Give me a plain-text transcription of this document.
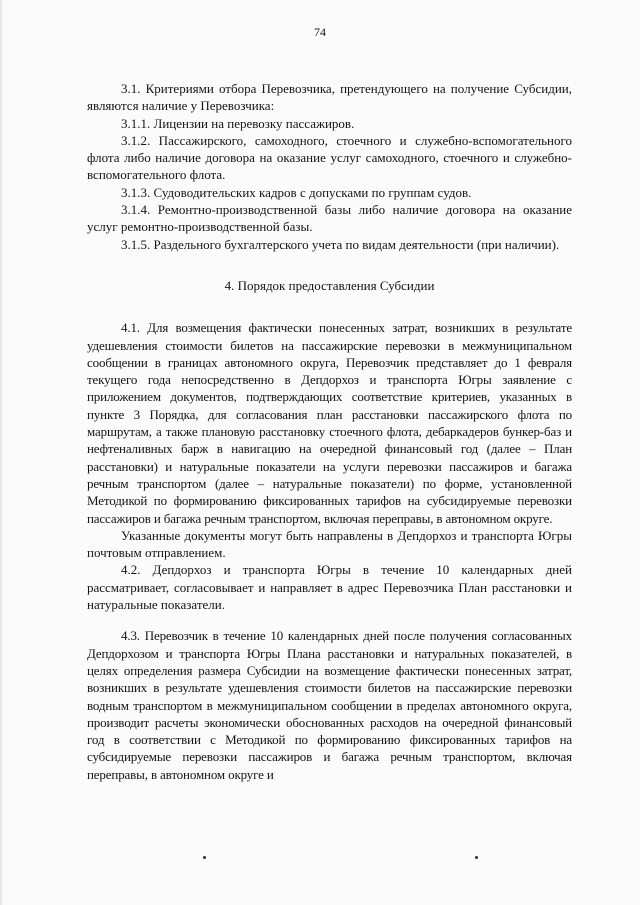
74

3.1. Критериями отбора Перевозчика, претендующего на получение Субсидии, являются наличие у Перевозчика:

3.1.1. Лицензии на перевозку пассажиров.

3.1.2. Пассажирского, самоходного, стоечного и служебно-вспомогательного флота либо наличие договора на оказание услуг самоходного, стоечного и служебно-вспомогательного флота.

3.1.3. Судоводительских кадров с допусками по группам судов.

3.1.4. Ремонтно-производственной базы либо наличие договора на оказание услуг ремонтно-производственной базы.

3.1.5. Раздельного бухгалтерского учета по видам деятельности (при наличии).

4. Порядок предоставления Субсидии

4.1. Для возмещения фактически понесенных затрат, возникших в результате удешевления стоимости билетов на пассажирские перевозки в межмуниципальном сообщении в границах автономного округа, Перевозчик представляет до 1 февраля текущего года непосредственно в Депдорхоз и транспорта Югры заявление с приложением документов, подтверждающих соответствие критериев, указанных в пункте 3 Порядка, для согласования план расстановки пассажирского флота по маршрутам, а также плановую расстановку стоечного флота, дебаркадеров бункер-баз и нефтеналивных барж в навигацию на очередной финансовый год (далее – План расстановки) и натуральные показатели на услуги перевозки пассажиров и багажа речным транспортом (далее – натуральные показатели) по форме, установленной Методикой по формированию фиксированных тарифов на субсидируемые перевозки пассажиров и багажа речным транспортом, включая переправы, в автономном округе.

Указанные документы могут быть направлены в Депдорхоз и транспорта Югры почтовым отправлением.

4.2. Депдорхоз и транспорта Югры в течение 10 календарных дней рассматривает, согласовывает и направляет в адрес Перевозчика План расстановки и натуральные показатели.

4.3. Перевозчик в течение 10 календарных дней после получения согласованных Депдорхозом и транспорта Югры Плана расстановки и натуральных показателей, в целях определения размера Субсидии на возмещение фактически понесенных затрат, возникших в результате удешевления стоимости билетов на пассажирские перевозки водным транспортом в межмуниципальном сообщении в пределах автономного округа, производит расчеты экономически обоснованных расходов на очередной финансовый год в соответствии с Методикой по формированию фиксированных тарифов на субсидируемые перевозки пассажиров и багажа речным транспортом, включая переправы, в автономном округе и
